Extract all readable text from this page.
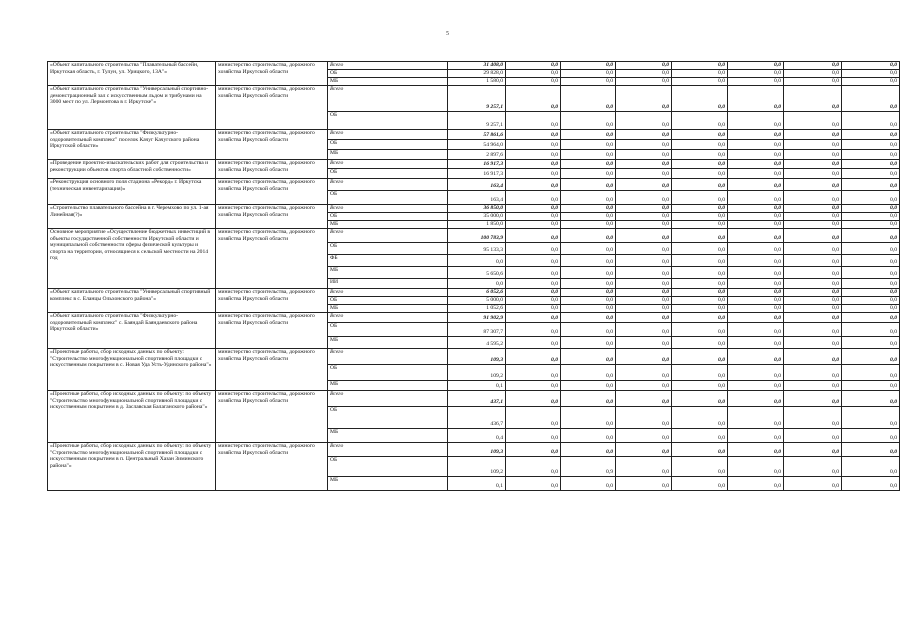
5
«Объект капитального строительства "Плавательный бассейн, Иркутская область, г. Тулун, ул. Урицкого, 13А"»	министерство строительства, дорожного хозяйства Иркутской области	Всего	31 408,0	0,0	0,0	0,0	0,0	0,0	0,0	0,0
		ОБ	29 828,0	0,0	0,0	0,0	0,0	0,0	0,0	0,0
		МБ	1 580,0	0,0	0,0	0,0	0,0	0,0	0,0	0,0
«Объект капитального строительства "Универсальный спортивно-демонстрационный зал с искусственным льдом и трибунами на 3000 мест по ул. Лермонтова в г. Иркутске"»	министерство строительства, дорожного хозяйства Иркутской области	Всего	9 257,1	0,0	0,0	0,0	0,0	0,0	0,0	0,0
		ОБ	9 257,1	0,0	0,0	0,0	0,0	0,0	0,0	0,0
«Объект капитального строительства "Физкультурно-оздоровительный комплекс" поселок Качуг Качугского района Иркутской области»	министерство строительства, дорожного хозяйства Иркутской области	Всего	57 861,6	0,0	0,0	0,0	0,0	0,0	0,0	0,0
		ОБ	54 964,0	0,0	0,0	0,0	0,0	0,0	0,0	0,0
		МБ	2 897,6	0,0	0,0	0,0	0,0	0,0	0,0	0,0
«Проведение проектно-изыскательских работ для строительства и реконструкции объектов спорта областной собственности»	министерство строительства, дорожного хозяйства Иркутской области	Всего	16 917,3	0,0	0,0	0,0	0,0	0,0	0,0	0,0
		ОБ	16 917,3	0,0	0,0	0,0	0,0	0,0	0,0	0,0
«Реконструкция основного поля стадиона «Рекорд» г. Иркутска (техническая инвентаризация)»	министерство строительства, дорожного хозяйства Иркутской области	Всего	163,4	0,0	0,0	0,0	0,0	0,0	0,0	0,0
		ОБ	163,4	0,0	0,0	0,0	0,0	0,0	0,0	0,0
«Строительство плавательного бассейна в г. Черемхово по ул. 1-ая Линейная(?)»	министерство строительства, дорожного хозяйства Иркутской области	Всего	36 850,0	0,0	0,0	0,0	0,0	0,0	0,0	0,0
		ОБ	35 000,0	0,0	0,0	0,0	0,0	0,0	0,0	0,0
		МБ	1 850,0	0,0	0,0	0,0	0,0	0,0	0,0	0,0
Основное мероприятие «Осуществление бюджетных инвестиций в объекты государственной собственности Иркутской области и муниципальной собственности сферы физической культуры и спорта на территории, относящиеся к сельской местности на 2014 год	министерство строительства, дорожного хозяйства Иркутской области	Всего	100 783,9	0,0	0,0	0,0	0,0	0,0	0,0	0,0
		ОБ	95 133,3	0,0	0,0	0,0	0,0	0,0	0,0	0,0
		ФБ	0,0	0,0	0,0	0,0	0,0	0,0	0,0	0,0
		МБ	5 650,6	0,0	0,0	0,0	0,0	0,0	0,0	0,0
		ИИ	0,0	0,0	0,0	0,0	0,0	0,0	0,0	0,0
«Объект капитального строительства "Универсальный спортивный комплекс в с. Еланцы Ольхонского района"»	министерство строительства, дорожного хозяйства Иркутской области	Всего	6 052,6	0,0	0,0	0,0	0,0	0,0	0,0	0,0
		ОБ	5 000,0	0,0	0,0	0,0	0,0	0,0	0,0	0,0
		МБ	1 052,6	0,0	0,0	0,0	0,0	0,0	0,0	0,0
«Объект капитального строительства "Физкультурно-оздоровительный комплекс" с. Баяндай Баяндаевского района Иркутской области»	министерство строительства, дорожного хозяйства Иркутской области	Всего	91 902,9	0,0	0,0	0,0	0,0	0,0	0,0	0,0
		ОБ	87 307,7	0,0	0,0	0,0	0,0	0,0	0,0	0,0
		МБ	4 595,2	0,0	0,0	0,0	0,0	0,0	0,0	0,0
«Проектные работы, сбор исходных данных по объекту: "Строительство многофункциональной спортивной площадки с искусственным покрытием в с. Новая Уда Усть-Удинского района"»	министерство строительства, дорожного хозяйства Иркутской области	Всего	109,3	0,0	0,0	0,0	0,0	0,0	0,0	0,0
		ОБ	109,2	0,0	0,0	0,0	0,0	0,0	0,0	0,0
		МБ	0,1	0,0	0,0	0,0	0,0	0,0	0,0	0,0
«Проектные работы, сбор исходных данных по объекту: по объекту "Строительство многофункциональной спортивной площадки с искусственным покрытием в д. Заславская Балаганского района"»	министерство строительства, дорожного хозяйства Иркутской области	Всего	437,1	0,0	0,0	0,0	0,0	0,0	0,0	0,0
		ОБ	436,7	0,0	0,0	0,0	0,0	0,0	0,0	0,0
		МБ	0,4	0,0	0,0	0,0	0,0	0,0	0,0	0,0
«Проектные работы, сбор исходных данных по объекту: по объекту "Строительство многофункциональной спортивной площадки с искусственным покрытием в п. Центральный Хазан Зиминского района"»	министерство строительства, дорожного хозяйства Иркутской области	Всего	109,3	0,0	0,0	0,0	0,0	0,0	0,0	0,0
		ОБ	109,2	0,0	0,9	0,0	0,0	0,0	0,0	0,0
		МБ	0,1	0,0	0,0	0,0	0,0	0,0	0,0	0,0
